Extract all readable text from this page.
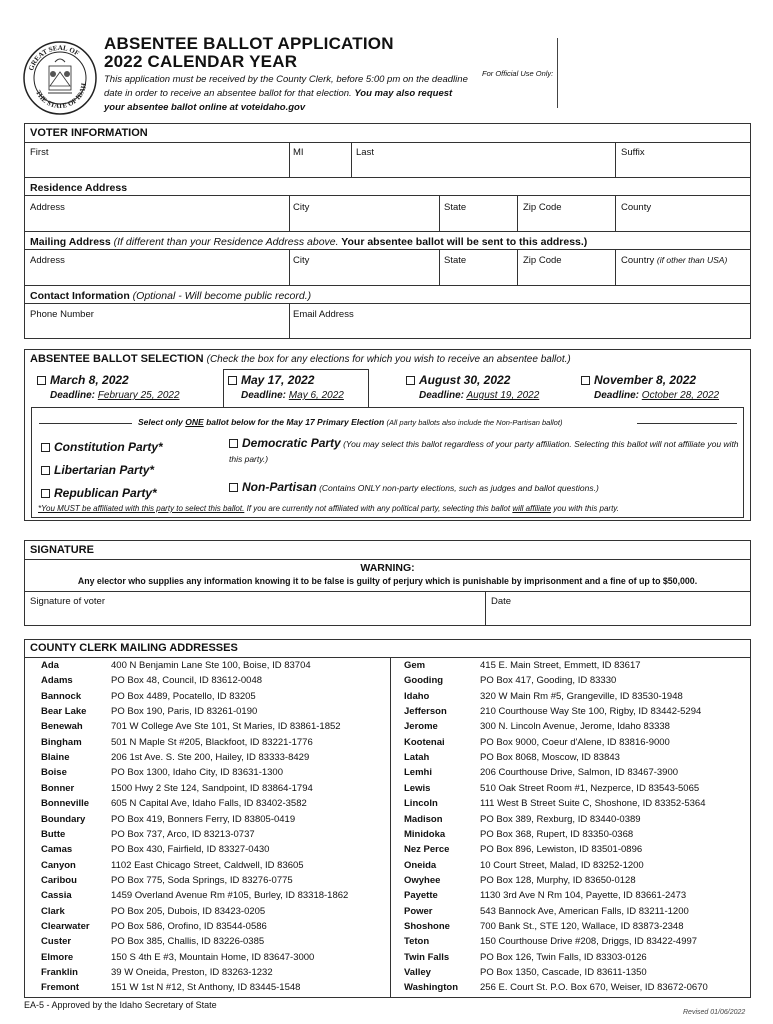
GREAT SEAL OF
THE STATE OF IDAH
ABSENTEE BALLOT APPLICATION
2022 CALENDAR YEAR
This application must be received by the County Clerk, before 5:00 pm on the deadline date in order to receive an absentee ballot for that election. You may also request your absentee ballot online at voteidaho.gov
For Official Use Only:
VOTER INFORMATION
First	MI	Last	Suffix
Residence Address
Address	City	State	Zip Code	County
Mailing Address (If different than your Residence Address above. Your absentee ballot will be sent to this address.)
Address	City	State	Zip Code	Country (if other than USA)
Contact Information (Optional - Will become public record.)
Phone Number	Email Address
ABSENTEE BALLOT SELECTION (Check the box for any elections for which you wish to receive an absentee ballot.)
March 8, 2022
Deadline: February 25, 2022
May 17, 2022
Deadline: May 6, 2022
August 30, 2022
Deadline: August 19, 2022
November 8, 2022
Deadline: October 28, 2022
Select only ONE ballot below for the May 17 Primary Election (All party ballots also include the Non-Partisan ballot)
Constitution Party*
Libertarian Party*
Republican Party*
Democratic Party (You may select this ballot regardless of your party affiliation. Selecting this ballot will not affiliate you with this party.)
Non-Partisan (Contains ONLY non-party elections, such as judges and ballot questions.)
*You MUST be affiliated with this party to select this ballot. If you are currently not affiliated with any political party, selecting this ballot will affiliate you with this party.
SIGNATURE
WARNING:
Any elector who supplies any information knowing it to be false is guilty of perjury which is punishable by imprisonment and a fine of up to $50,000.
Signature of voter	Date
COUNTY CLERK MAILING ADDRESSES
Ada	400 N Benjamin Lane Ste 100, Boise, ID 83704
Adams	PO Box 48, Council, ID 83612-0048
Bannock	PO Box 4489, Pocatello, ID 83205
Bear Lake	PO Box 190, Paris, ID 83261-0190
Benewah	701 W College Ave Ste 101, St Maries, ID 83861-1852
Bingham	501 N Maple St #205, Blackfoot, ID 83221-1776
Blaine	206 1st Ave. S. Ste 200, Hailey, ID 83333-8429
Boise	PO Box 1300, Idaho City, ID 83631-1300
Bonner	1500 Hwy 2 Ste 124, Sandpoint, ID 83864-1794
Bonneville 605 N Capital Ave, Idaho Falls, ID 83402-3582
Boundary	PO Box 419, Bonners Ferry, ID 83805-0419
Butte	PO Box 737, Arco, ID 83213-0737
Camas	PO Box 430, Fairfield, ID 83327-0430
Canyon	1102 East Chicago Street, Caldwell, ID 83605
Caribou	PO Box 775, Soda Springs, ID 83276-0775
Cassia	1459 Overland Avenue Rm #105, Burley, ID 83318-1862
Clark	PO Box 205, Dubois, ID 83423-0205
Clearwater PO Box 586, Orofino, ID 83544-0586
Custer	PO Box 385, Challis, ID 83226-0385
Elmore	150 S 4th E #3, Mountain Home, ID 83647-3000
Franklin	39 W Oneida, Preston, ID 83263-1232
Fremont	151 W 1st N #12, St Anthony, ID 83445-1548
Gem	415 E. Main Street, Emmett, ID 83617
Gooding	PO Box 417, Gooding, ID 83330
Idaho	320 W Main Rm #5, Grangeville, ID 83530-1948
Jefferson	210 Courthouse Way Ste 100, Rigby, ID 83442-5294
Jerome	300 N. Lincoln Avenue, Jerome, Idaho 83338
Kootenai	PO Box 9000, Coeur d'Alene, ID 83816-9000
Latah	PO Box 8068, Moscow, ID 83843
Lemhi	206 Courthouse Drive, Salmon, ID 83467-3900
Lewis	510 Oak Street Room #1, Nezperce, ID 83543-5065
Lincoln	111 West B Street Suite C, Shoshone, ID 83352-5364
Madison	PO Box 389, Rexburg, ID 83440-0389
Minidoka	PO Box 368, Rupert, ID 83350-0368
Nez Perce	PO Box 896, Lewiston, ID 83501-0896
Oneida	10 Court Street, Malad, ID 83252-1200
Owyhee	PO Box 128, Murphy, ID 83650-0128
Payette	1130 3rd Ave N Rm 104, Payette, ID 83661-2473
Power	543 Bannock Ave, American Falls, ID 83211-1200
Shoshone	700 Bank St., STE 120, Wallace, ID 83873-2348
Teton	150 Courthouse Drive #208, Driggs, ID 83422-4997
Twin Falls	PO Box 126, Twin Falls, ID 83303-0126
Valley	PO Box 1350, Cascade, ID 83611-1350
Washington 256 E. Court St. P.O. Box 670, Weiser, ID 83672-0670
EA-5 - Approved by the Idaho Secretary of State
Revised 01/06/2022
